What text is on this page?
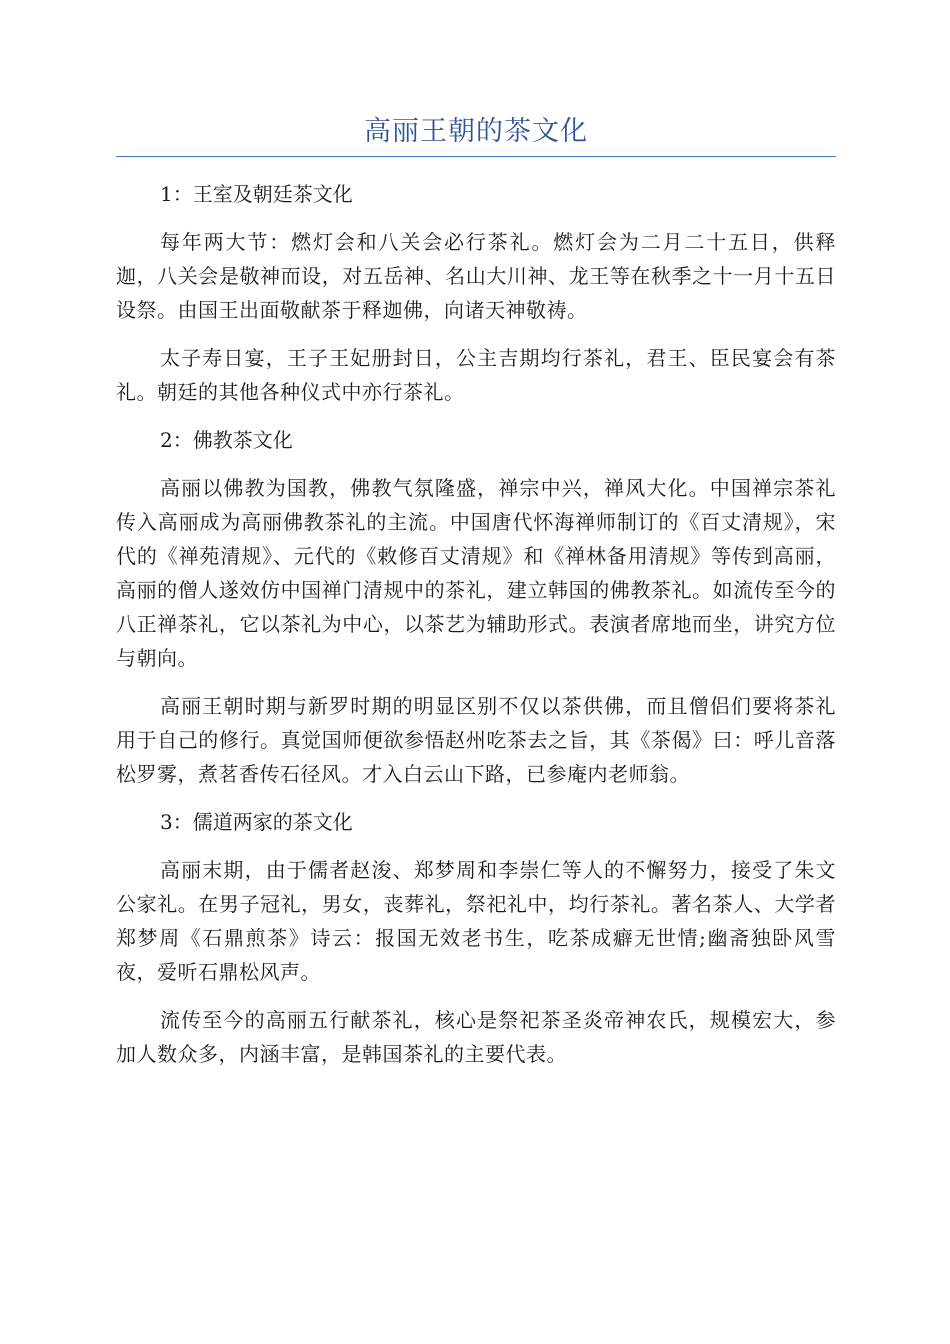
高丽王朝的茶文化
1：王室及朝廷茶文化
每年两大节：燃灯会和八关会必行茶礼。燃灯会为二月二十五日，供释迦，八关会是敬神而设，对五岳神、名山大川神、龙王等在秋季之十一月十五日设祭。由国王出面敬献茶于释迦佛，向诸天神敬祷。
太子寿日宴，王子王妃册封日，公主吉期均行茶礼，君王、臣民宴会有茶礼。朝廷的其他各种仪式中亦行茶礼。
2：佛教茶文化
高丽以佛教为国教，佛教气氛隆盛，禅宗中兴，禅风大化。中国禅宗茶礼传入高丽成为高丽佛教茶礼的主流。中国唐代怀海禅师制订的《百丈清规》，宋代的《禅苑清规》、元代的《敕修百丈清规》和《禅林备用清规》等传到高丽，高丽的僧人遂效仿中国禅门清规中的茶礼，建立韩国的佛教茶礼。如流传至今的八正禅茶礼，它以茶礼为中心，以茶艺为辅助形式。表演者席地而坐，讲究方位与朝向。
高丽王朝时期与新罗时期的明显区别不仅以茶供佛，而且僧侣们要将茶礼用于自己的修行。真觉国师便欲参悟赵州吃茶去之旨，其《茶偈》曰：呼儿音落松罗雾，煮茗香传石径风。才入白云山下路，已参庵内老师翁。
3：儒道两家的茶文化
高丽末期，由于儒者赵浚、郑梦周和李崇仁等人的不懈努力，接受了朱文公家礼。在男子冠礼，男女，丧葬礼，祭祀礼中，均行茶礼。著名茶人、大学者郑梦周《石鼎煎茶》诗云：报国无效老书生，吃茶成癖无世情;幽斋独卧风雪夜，爱听石鼎松风声。
流传至今的高丽五行献茶礼，核心是祭祀茶圣炎帝神农氏，规模宏大，参加人数众多，内涵丰富，是韩国茶礼的主要代表。
